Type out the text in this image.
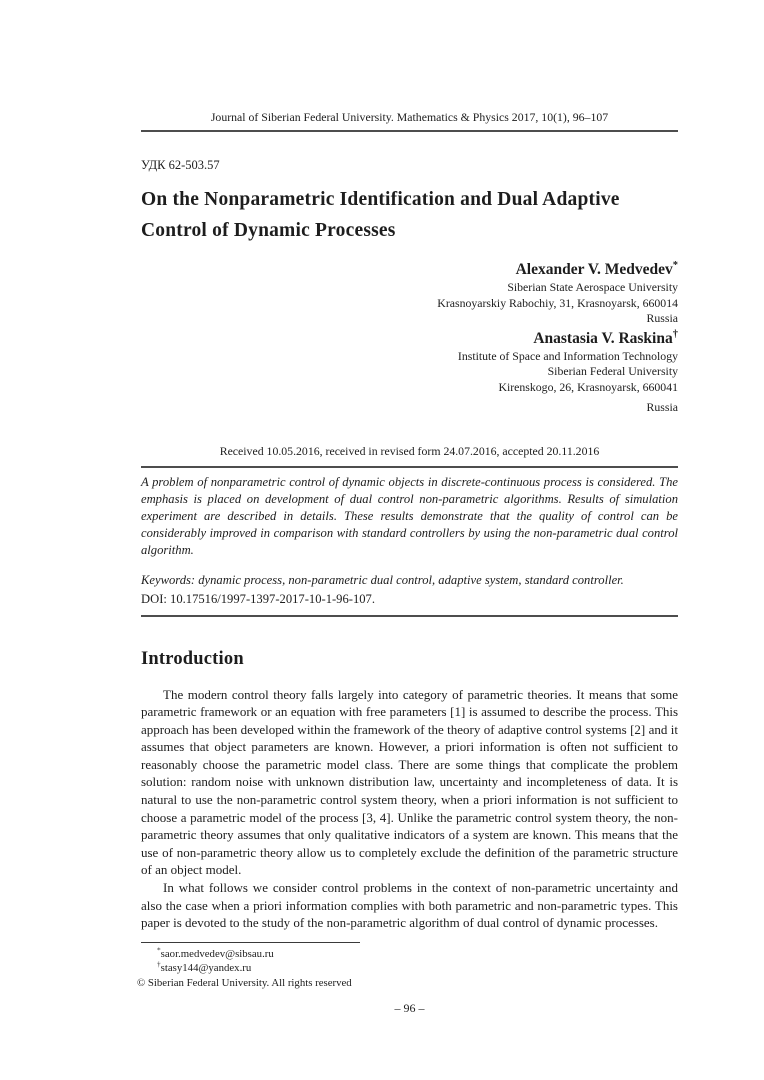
Journal of Siberian Federal University. Mathematics & Physics 2017, 10(1), 96–107
УДК 62-503.57
On the Nonparametric Identification and Dual Adaptive
Control of Dynamic Processes
Alexander V. Medvedev*
Siberian State Aerospace University
Krasnoyarskiy Rabochiy, 31, Krasnoyarsk, 660014
Russia
Anastasia V. Raskina†
Institute of Space and Information Technology
Siberian Federal University
Kirenskogo, 26, Krasnoyarsk, 660041
Russia
Received 10.05.2016, received in revised form 24.07.2016, accepted 20.11.2016
A problem of nonparametric control of dynamic objects in discrete-continuous process is considered. The emphasis is placed on development of dual control non-parametric algorithms. Results of simulation experiment are described in details. These results demonstrate that the quality of control can be considerably improved in comparison with standard controllers by using the non-parametric dual control algorithm.
Keywords: dynamic process, non-parametric dual control, adaptive system, standard controller.
DOI: 10.17516/1997-1397-2017-10-1-96-107.
Introduction

The modern control theory falls largely into category of parametric theories. It means that some parametric framework or an equation with free parameters [1] is assumed to describe the process. This approach has been developed within the framework of the theory of adaptive control systems [2] and it assumes that object parameters are known. However, a priori information is often not sufficient to reasonably choose the parametric model class. There are some things that complicate the problem solution: random noise with unknown distribution law, uncertainty and incompleteness of data. It is natural to use the non-parametric control system theory, when a priori information is not sufficient to choose a parametric model of the process [3, 4]. Unlike the parametric control system theory, the non-parametric theory assumes that only qualitative indicators of a system are known. This means that the use of non-parametric theory allow us to completely exclude the definition of the parametric structure of an object model.

In what follows we consider control problems in the context of non-parametric uncertainty and also the case when a priori information complies with both parametric and non-parametric types. This paper is devoted to the study of the non-parametric algorithm of dual control of dynamic processes.

*saor.medvedev@sibsau.ru
†stasy144@yandex.ru
© Siberian Federal University. All rights reserved
– 96 –
